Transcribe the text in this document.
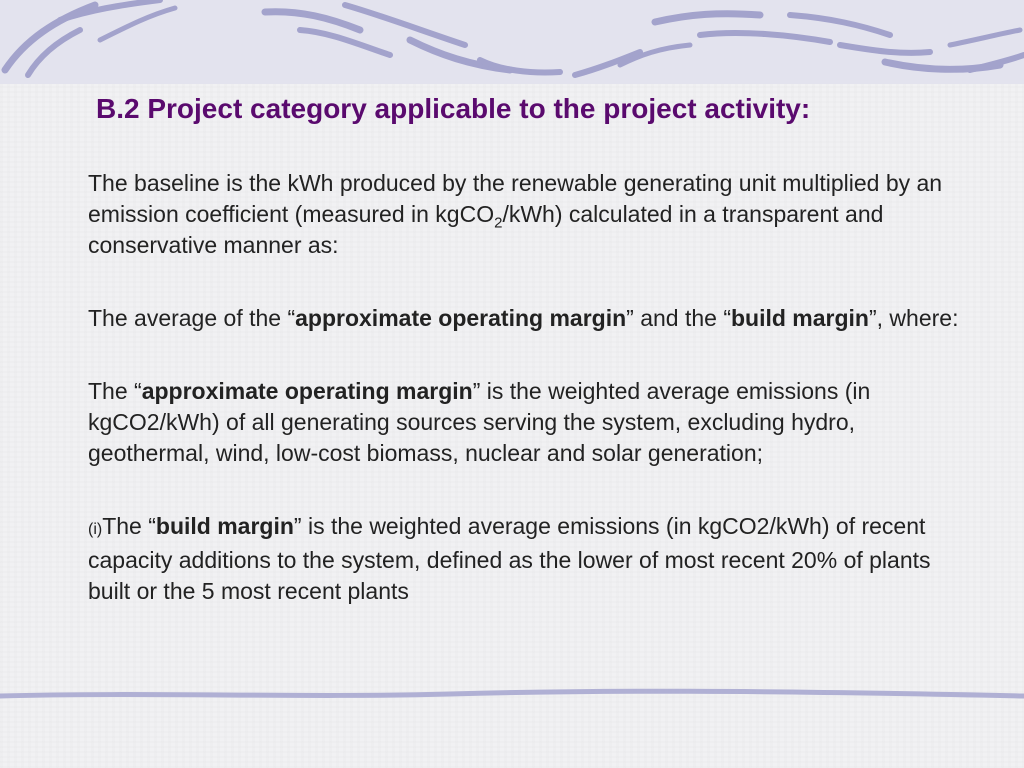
B.2 Project category applicable to the project activity:

The baseline is the kWh produced by the renewable generating unit multiplied by an emission coefficient (measured in kgCO$_2$/kWh) calculated in a transparent and conservative manner as:

The average of the “approximate operating margin” and the “build margin”, where:

The “approximate operating margin” is the weighted average emissions (in kgCO2/kWh) of all generating sources serving the system, excluding hydro, geothermal, wind, low-cost biomass, nuclear and solar generation;

(i)The “build margin” is the weighted average emissions (in kgCO2/kWh) of recent capacity additions to the system, defined as the lower of most recent 20% of plants built or the 5 most recent plants
